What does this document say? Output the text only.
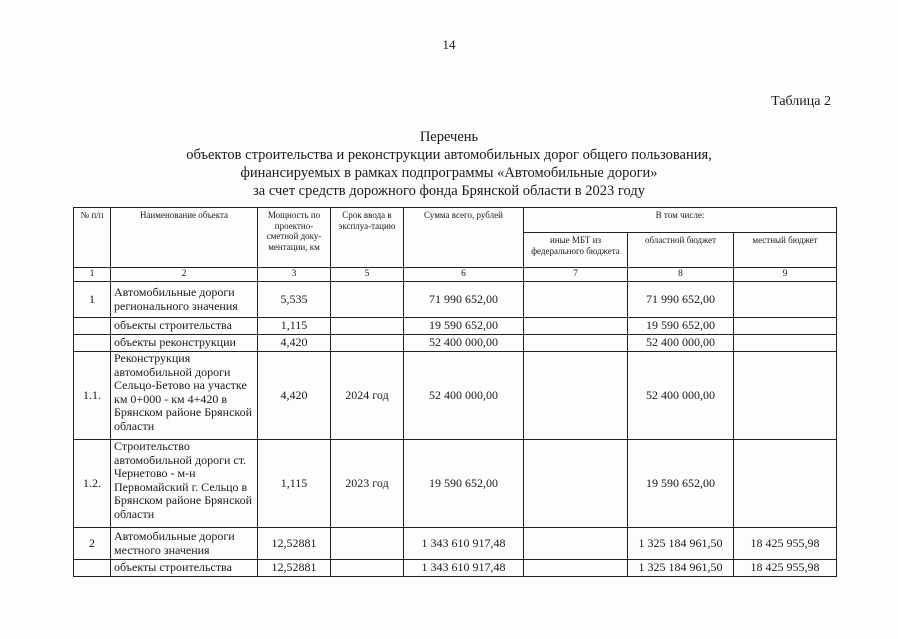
14
Таблица 2
Перечень
объектов строительства и реконструкции автомобильных дорог общего пользования,
финансируемых в рамках подпрограммы «Автомобильные дороги»
за счет средств дорожного фонда Брянской области в 2023 году
№ п/п	Наименование объекта	Мощность по проектно-сметной доку-ментации, км	Срок ввода в эксплуа-тацию	Сумма всего, рублей	В том числе:		
					иные МБТ из федерального бюджета	областной бюджет	местный бюджет
1	2	3	5	6	7	8	9
1	Автомобильные дороги регионального значения	5,535		71 990 652,00		71 990 652,00	
	объекты строительства	1,115		19 590 652,00		19 590 652,00	
	объекты реконструкции	4,420		52 400 000,00		52 400 000,00	
1.1.	Реконструкция автомобильной дороги Сельцо-Бетово на участке км 0+000 - км 4+420 в Брянском районе Брянской области	4,420	2024 год	52 400 000,00		52 400 000,00	
1.2.	Строительство автомобильной дороги ст. Чернетово - м-н Первомайский г. Сельцо в Брянском районе Брянской области	1,115	2023 год	19 590 652,00		19 590 652,00	
2	Автомобильные дороги местного значения	12,52881		1 343 610 917,48		1 325 184 961,50	18 425 955,98
	объекты строительства	12,52881		1 343 610 917,48		1 325 184 961,50	18 425 955,98
